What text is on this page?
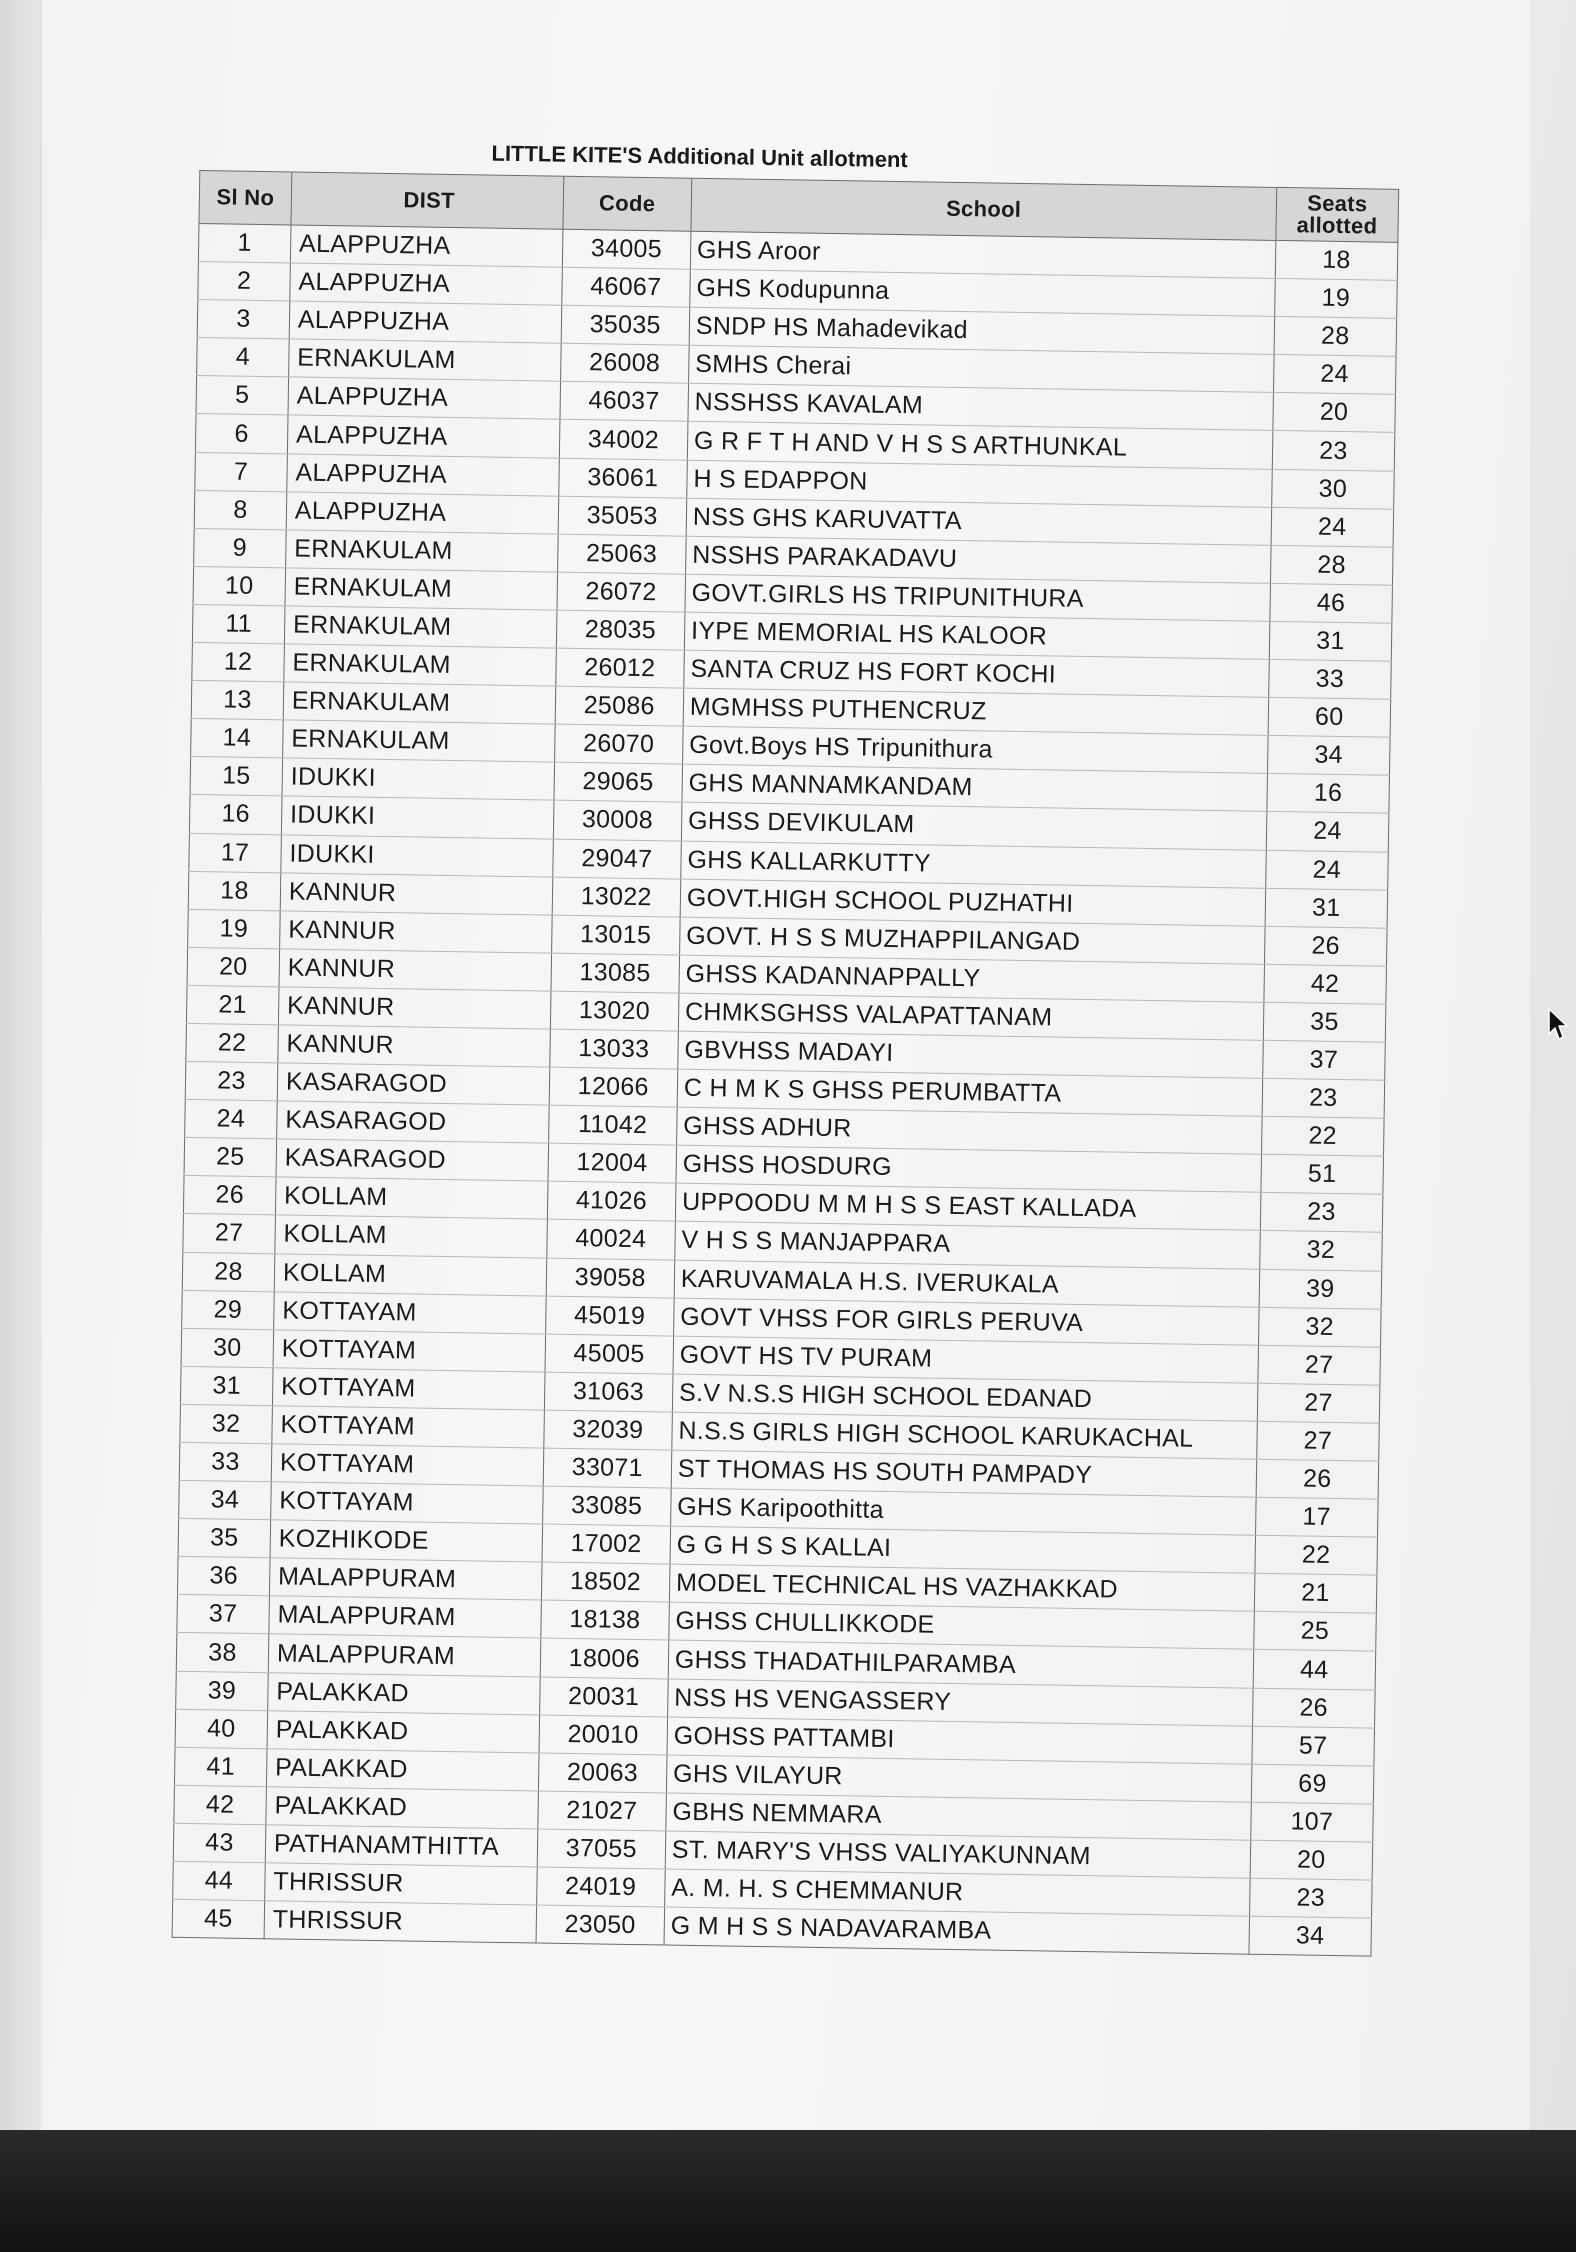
LITTLE KITE'S Additional Unit allotment
Sl No	DIST	Code	School	Seats allotted
1	ALAPPUZHA	34005	GHS Aroor	18
2	ALAPPUZHA	46067	GHS Kodupunna	19
3	ALAPPUZHA	35035	SNDP HS Mahadevikad	28
4	ERNAKULAM	26008	SMHS Cherai	24
5	ALAPPUZHA	46037	NSSHSS KAVALAM	20
6	ALAPPUZHA	34002	G R F T H AND V H S S ARTHUNKAL	23
7	ALAPPUZHA	36061	H S EDAPPON	30
8	ALAPPUZHA	35053	NSS GHS KARUVATTA	24
9	ERNAKULAM	25063	NSSHS PARAKADAVU	28
10	ERNAKULAM	26072	GOVT.GIRLS HS TRIPUNITHURA	46
11	ERNAKULAM	28035	IYPE MEMORIAL HS KALOOR	31
12	ERNAKULAM	26012	SANTA CRUZ HS FORT KOCHI	33
13	ERNAKULAM	25086	MGMHSS PUTHENCRUZ	60
14	ERNAKULAM	26070	Govt.Boys HS Tripunithura	34
15	IDUKKI	29065	GHS MANNAMKANDAM	16
16	IDUKKI	30008	GHSS DEVIKULAM	24
17	IDUKKI	29047	GHS KALLARKUTTY	24
18	KANNUR	13022	GOVT.HIGH SCHOOL PUZHATHI	31
19	KANNUR	13015	GOVT. H S S MUZHAPPILANGAD	26
20	KANNUR	13085	GHSS KADANNAPPALLY	42
21	KANNUR	13020	CHMKSGHSS VALAPATTANAM	35
22	KANNUR	13033	GBVHSS MADAYI	37
23	KASARAGOD	12066	C H M K S GHSS PERUMBATTA	23
24	KASARAGOD	11042	GHSS ADHUR	22
25	KASARAGOD	12004	GHSS HOSDURG	51
26	KOLLAM	41026	UPPOODU M M H S S EAST KALLADA	23
27	KOLLAM	40024	V H S S MANJAPPARA	32
28	KOLLAM	39058	KARUVAMALA H.S. IVERUKALA	39
29	KOTTAYAM	45019	GOVT VHSS FOR GIRLS PERUVA	32
30	KOTTAYAM	45005	GOVT HS TV PURAM	27
31	KOTTAYAM	31063	S.V N.S.S HIGH SCHOOL EDANAD	27
32	KOTTAYAM	32039	N.S.S GIRLS HIGH SCHOOL KARUKACHAL	27
33	KOTTAYAM	33071	ST THOMAS HS SOUTH PAMPADY	26
34	KOTTAYAM	33085	GHS Karipoothitta	17
35	KOZHIKODE	17002	G G H S S KALLAI	22
36	MALAPPURAM	18502	MODEL TECHNICAL HS VAZHAKKAD	21
37	MALAPPURAM	18138	GHSS CHULLIKKODE	25
38	MALAPPURAM	18006	GHSS THADATHILPARAMBA	44
39	PALAKKAD	20031	NSS HS VENGASSERY	26
40	PALAKKAD	20010	GOHSS PATTAMBI	57
41	PALAKKAD	20063	GHS VILAYUR	69
42	PALAKKAD	21027	GBHS NEMMARA	107
43	PATHANAMTHITTA	37055	ST. MARY'S VHSS VALIYAKUNNAM	20
44	THRISSUR	24019	A. M. H. S CHEMMANUR	23
45	THRISSUR	23050	G M H S S NADAVARAMBA	34
